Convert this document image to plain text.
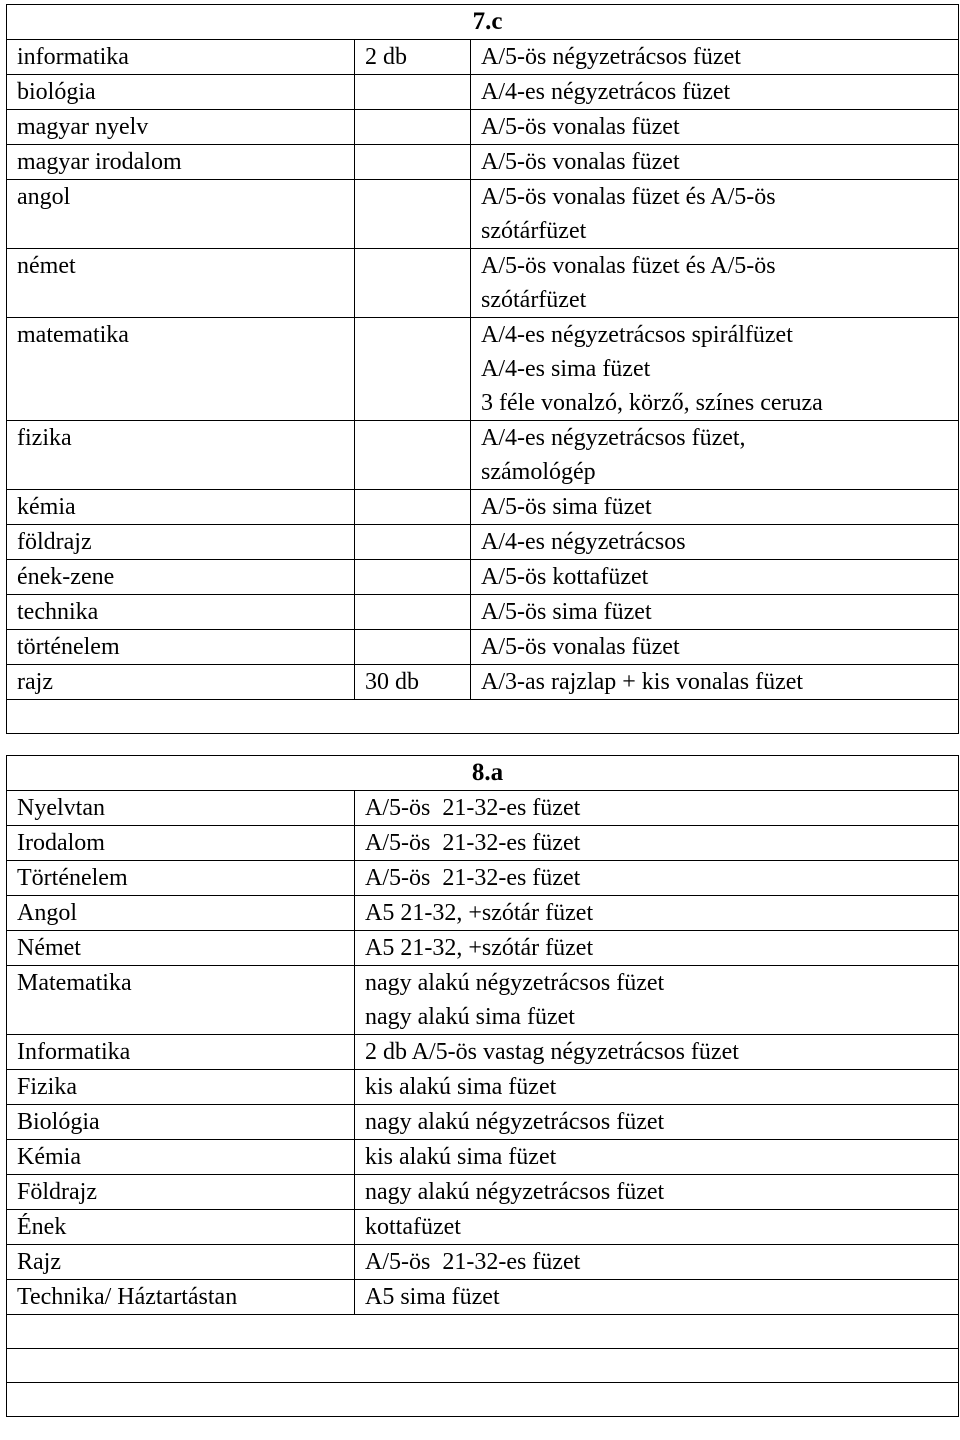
7.c		
informatika	2 db	A/5-ös négyzetrácsos füzet
biológia		A/4-es négyzetrácos füzet
magyar nyelv		A/5-ös vonalas füzet
magyar irodalom		A/5-ös vonalas füzet
angol		A/5-ös vonalas füzet és A/5-ös
szótárfüzet
német		A/5-ös vonalas füzet és A/5-ös
szótárfüzet
matematika		A/4-es négyzetrácsos spirálfüzet
A/4-es sima füzet
3 féle vonalzó, körző, színes ceruza
fizika		A/4-es négyzetrácsos füzet,
számológép
kémia		A/5-ös sima füzet
földrajz		A/4-es négyzetrácsos
ének-zene		A/5-ös kottafüzet
technika		A/5-ös sima füzet
történelem		A/5-ös vonalas füzet
rajz	30 db	A/3-as rajzlap + kis vonalas füzet

8.a	
Nyelvtan	A/5-ös  21-32-es füzet
Irodalom	A/5-ös  21-32-es füzet
Történelem	A/5-ös  21-32-es füzet
Angol	A5 21-32, +szótár füzet
Német	A5 21-32, +szótár füzet
Matematika	nagy alakú négyzetrácsos füzet
nagy alakú sima füzet
Informatika	2 db A/5-ös vastag négyzetrácsos füzet
Fizika	kis alakú sima füzet
Biológia	nagy alakú négyzetrácsos füzet
Kémia	kis alakú sima füzet
Földrajz	nagy alakú négyzetrácsos füzet
Ének	kottafüzet
Rajz	A/5-ös  21-32-es füzet
Technika/ Háztartástan	A5 sima füzet
